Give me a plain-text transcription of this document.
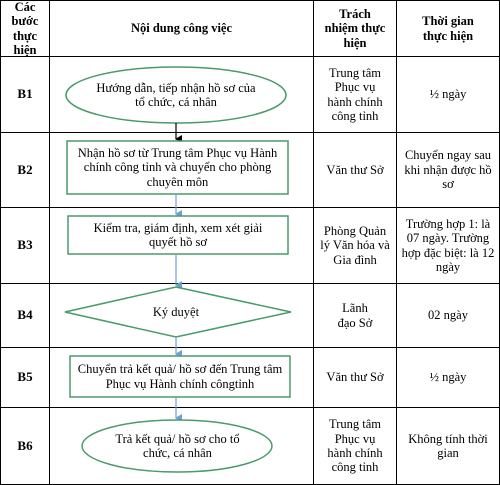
Các bước thực hiện
Nội dung công việc
Trách nhiệm thực hiện
Thời gian thực hiện
B1
B2
B3
B4
B5
B6
Trung tâm Phục vụ hành chính công tỉnh
Văn thư Sở
Phòng Quản lý Văn hóa và Gia đình
Lãnh đạo Sở
Văn thư Sở
Trung tâm Phục vụ hành chính công tỉnh
½ ngày
Chuyển ngay sau khi nhận được hồ sơ
Trường hợp 1: là 07 ngày. Trường hợp đặc biệt: là 12 ngày
02 ngày
½ ngày
Không tính thời gian
Hướng dẫn, tiếp nhận hồ sơ của tổ chức, cá nhân
Nhận hồ sơ từ Trung tâm Phục vụ Hành chính công tỉnh và chuyển cho phòng chuyên môn
Kiểm tra, giám định, xem xét giải quyết hồ sơ
Ký duyệt
Chuyển trả kết quả/ hồ sơ đến Trung tâm Phục vụ Hành chính côngtỉnh
Trả kết quả/ hồ sơ cho tổ chức, cá nhân
